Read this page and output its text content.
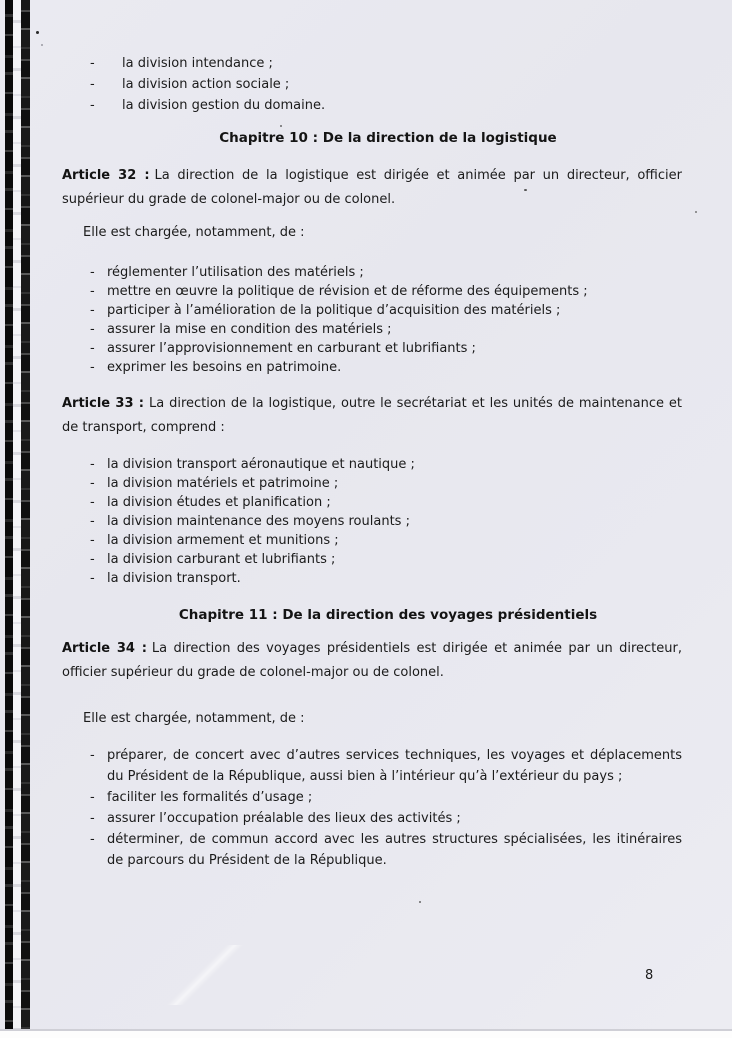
-	la division intendance ;
-	la division action sociale ;
-	la division gestion du domaine.
Chapitre 10 : De la direction de la logistique

Article 32 : La direction de la logistique est dirigée et animée par un directeur, officier supérieur du grade de colonel-major ou de colonel.

Elle est chargée, notamment, de :
- réglementer l’utilisation des matériels ;
- mettre en œuvre la politique de révision et de réforme des équipements ;
- participer à l’amélioration de la politique d’acquisition des matériels ;
- assurer la mise en condition des matériels ;
- assurer l’approvisionnement en carburant et lubrifiants ;
- exprimer les besoins en patrimoine.

Article 33 : La direction de la logistique, outre le secrétariat et les unités de maintenance et de transport, comprend :

- la division transport aéronautique et nautique ;
- la division matériels et patrimoine ;
- la division études et planification ;
- la division maintenance des moyens roulants ;
- la division armement et munitions ;
- la division carburant et lubrifiants ;
- la division transport.
Chapitre 11 : De la direction des voyages présidentiels

Article 34 : La direction des voyages présidentiels est dirigée et animée par un directeur, officier supérieur du grade de colonel-major ou de colonel.

Elle est chargée, notamment, de :
- préparer, de concert avec d’autres services techniques, les voyages et déplacements du Président de la République, aussi bien à l’intérieur qu’à l’extérieur du pays ;
- faciliter les formalités d’usage ;
- assurer l’occupation préalable des lieux des activités ;
- déterminer, de commun accord avec les autres structures spécialisées, les itinéraires de parcours du Président de la République.
8
